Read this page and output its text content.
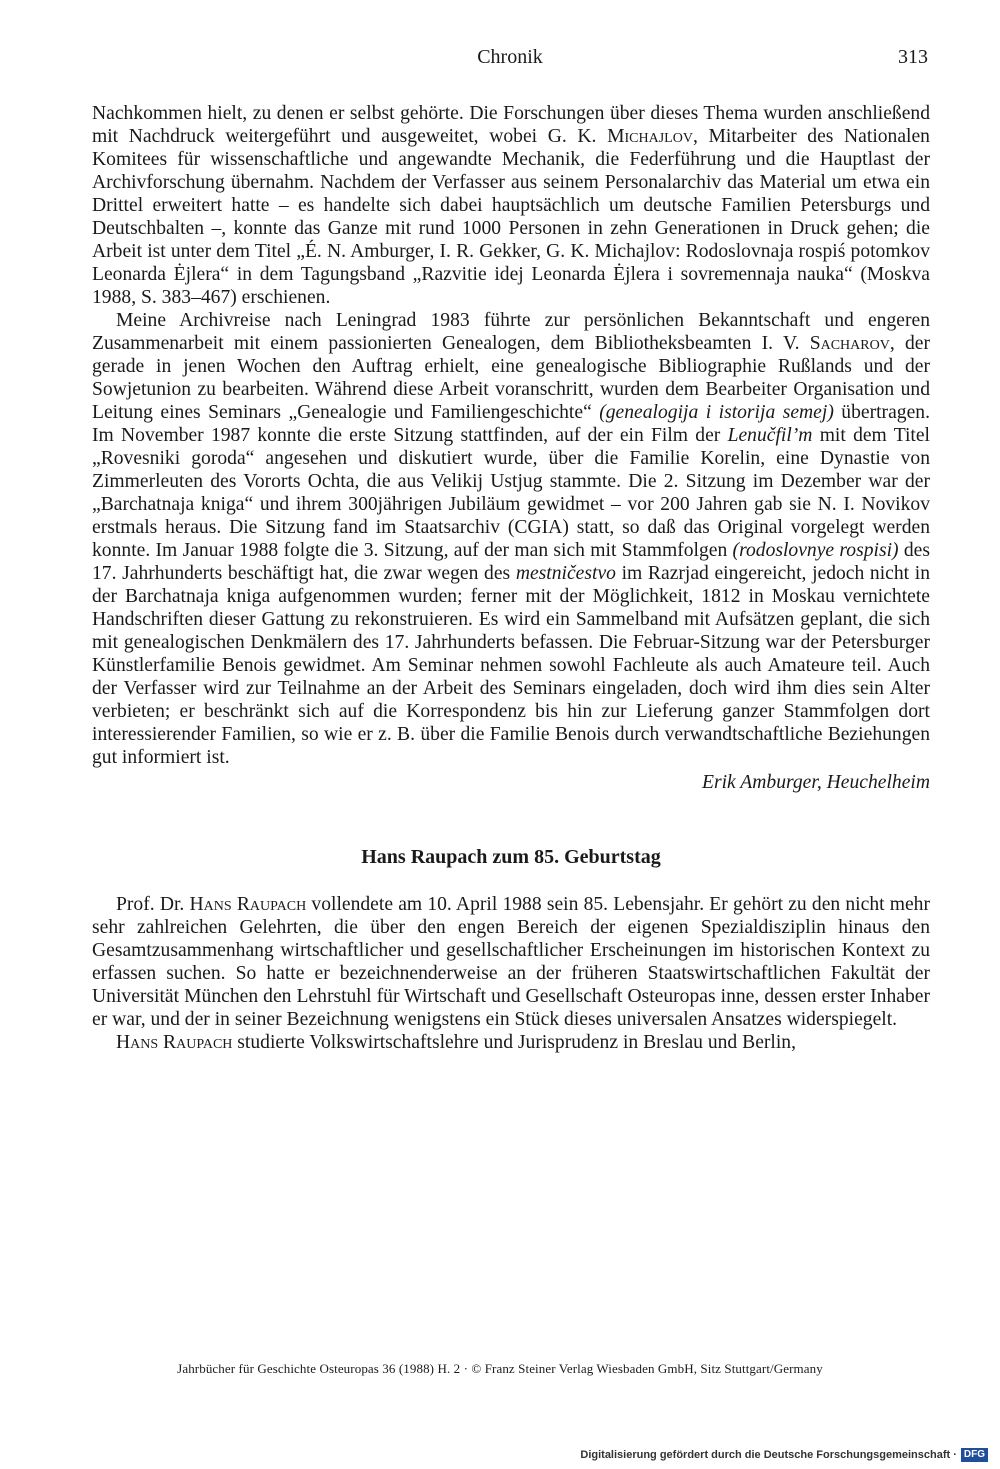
Chronik	313

Nachkommen hielt, zu denen er selbst gehörte. Die Forschungen über dieses Thema wurden anschließend mit Nachdruck weitergeführt und ausgeweitet, wobei G. K. Michajlov, Mitarbeiter des Nationalen Komitees für wissenschaftliche und angewandte Mechanik, die Federführung und die Hauptlast der Archivforschung übernahm. Nachdem der Verfasser aus seinem Personalarchiv das Material um etwa ein Drittel erweitert hatte – es handelte sich dabei hauptsächlich um deutsche Familien Petersburgs und Deutschbalten –, konnte das Ganze mit rund 1000 Personen in zehn Generationen in Druck gehen; die Arbeit ist unter dem Titel „É. N. Amburger, I. R. Gekker, G. K. Michajlov: Rodoslovnaja rospiś potomkov Leonarda Ėjlera“ in dem Tagungsband „Razvitie idej Leonarda Ėjlera i sovremennaja nauka“ (Moskva 1988, S. 383–467) erschienen.

Meine Archivreise nach Leningrad 1983 führte zur persönlichen Bekanntschaft und engeren Zusammenarbeit mit einem passionierten Genealogen, dem Bibliotheksbeamten I. V. Sacharov, der gerade in jenen Wochen den Auftrag erhielt, eine genealogische Bibliographie Rußlands und der Sowjetunion zu bearbeiten. Während diese Arbeit voranschritt, wurden dem Bearbeiter Organisation und Leitung eines Seminars „Genealogie und Familiengeschichte“ (genealogija i istorija semej) übertragen. Im November 1987 konnte die erste Sitzung stattfinden, auf der ein Film der Lenučfil’m mit dem Titel „Rovesniki goroda“ angesehen und diskutiert wurde, über die Familie Korelin, eine Dynastie von Zimmerleuten des Vororts Ochta, die aus Velikij Ustjug stammte. Die 2. Sitzung im Dezember war der „Barchatnaja kniga“ und ihrem 300jährigen Jubiläum gewidmet – vor 200 Jahren gab sie N. I. Novikov erstmals heraus. Die Sitzung fand im Staatsarchiv (CGIA) statt, so daß das Original vorgelegt werden konnte. Im Januar 1988 folgte die 3. Sitzung, auf der man sich mit Stammfolgen (rodoslovnye rospisi) des 17. Jahrhunderts beschäftigt hat, die zwar wegen des mestničestvo im Razrjad eingereicht, jedoch nicht in der Barchatnaja kniga aufgenommen wurden; ferner mit der Möglichkeit, 1812 in Moskau vernichtete Handschriften dieser Gattung zu rekonstruieren. Es wird ein Sammelband mit Aufsätzen geplant, die sich mit genealogischen Denkmälern des 17. Jahrhunderts befassen. Die Februar-Sitzung war der Petersburger Künstlerfamilie Benois gewidmet. Am Seminar nehmen sowohl Fachleute als auch Amateure teil. Auch der Verfasser wird zur Teilnahme an der Arbeit des Seminars eingeladen, doch wird ihm dies sein Alter verbieten; er beschränkt sich auf die Korrespondenz bis hin zur Lieferung ganzer Stammfolgen dort interessierender Familien, so wie er z. B. über die Familie Benois durch verwandtschaftliche Beziehungen gut informiert ist.

Erik Amburger, Heuchelheim

Hans Raupach zum 85. Geburtstag

Prof. Dr. Hans Raupach vollendete am 10. April 1988 sein 85. Lebensjahr. Er gehört zu den nicht mehr sehr zahlreichen Gelehrten, die über den engen Bereich der eigenen Spezialdisziplin hinaus den Gesamtzusammenhang wirtschaftlicher und gesellschaftlicher Erscheinungen im historischen Kontext zu erfassen suchen. So hatte er bezeichnenderweise an der früheren Staatswirtschaftlichen Fakultät der Universität München den Lehrstuhl für Wirtschaft und Gesellschaft Osteuropas inne, dessen erster Inhaber er war, und der in seiner Bezeichnung wenigstens ein Stück dieses universalen Ansatzes widerspiegelt.

Hans Raupach studierte Volkswirtschaftslehre und Jurisprudenz in Breslau und Berlin,

Jahrbücher für Geschichte Osteuropas 36 (1988) H. 2 · © Franz Steiner Verlag Wiesbaden GmbH, Sitz Stuttgart/Germany
Digitalisierung gefördert durch die Deutsche Forschungsgemeinschaft · DFG
